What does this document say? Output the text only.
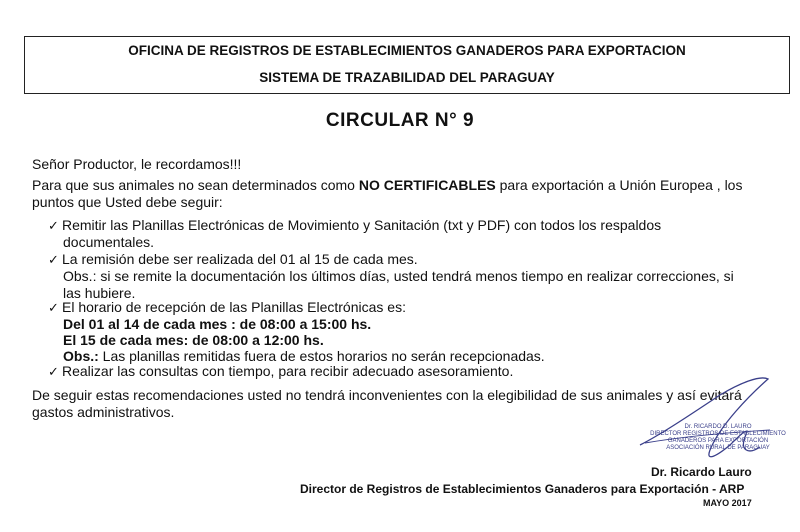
OFICINA DE REGISTROS DE ESTABLECIMIENTOS GANADEROS PARA EXPORTACION
SISTEMA DE TRAZABILIDAD DEL PARAGUAY
CIRCULAR N° 9
Señor Productor, le recordamos!!!
Para que sus animales no sean determinados como NO CERTIFICABLES para exportación a Unión Europea , los
puntos que Usted debe seguir:
✓ Remitir las Planillas Electrónicas de Movimiento y Sanitación (txt y PDF) con todos los respaldos
documentales.
✓ La remisión debe ser realizada del 01 al 15 de cada mes.
Obs.: si se remite la documentación los últimos días, usted tendrá menos tiempo en realizar correcciones, si
las hubiere.
✓ El horario de recepción de las Planillas Electrónicas es:
Del 01 al 14 de cada mes : de 08:00 a 15:00 hs.
El 15 de cada mes: de 08:00 a 12:00 hs.
Obs.: Las planillas remitidas fuera de estos horarios no serán recepcionadas.
✓ Realizar las consultas con tiempo, para recibir adecuado asesoramiento.
De seguir estas recomendaciones usted no tendrá inconvenientes con la elegibilidad de sus animales y así evitará
gastos administrativos.
Dr. RICARDO D. LAURO
DIRECTOR REGISTROS DE ESTABLECIMIENTO
GANADEROS PARA EXPORTACIÓN
ASOCIACIÓN RURAL DE PARAGUAY
Dr. Ricardo Lauro
Director de Registros de Establecimientos Ganaderos para Exportación - ARP
MAYO 2017
